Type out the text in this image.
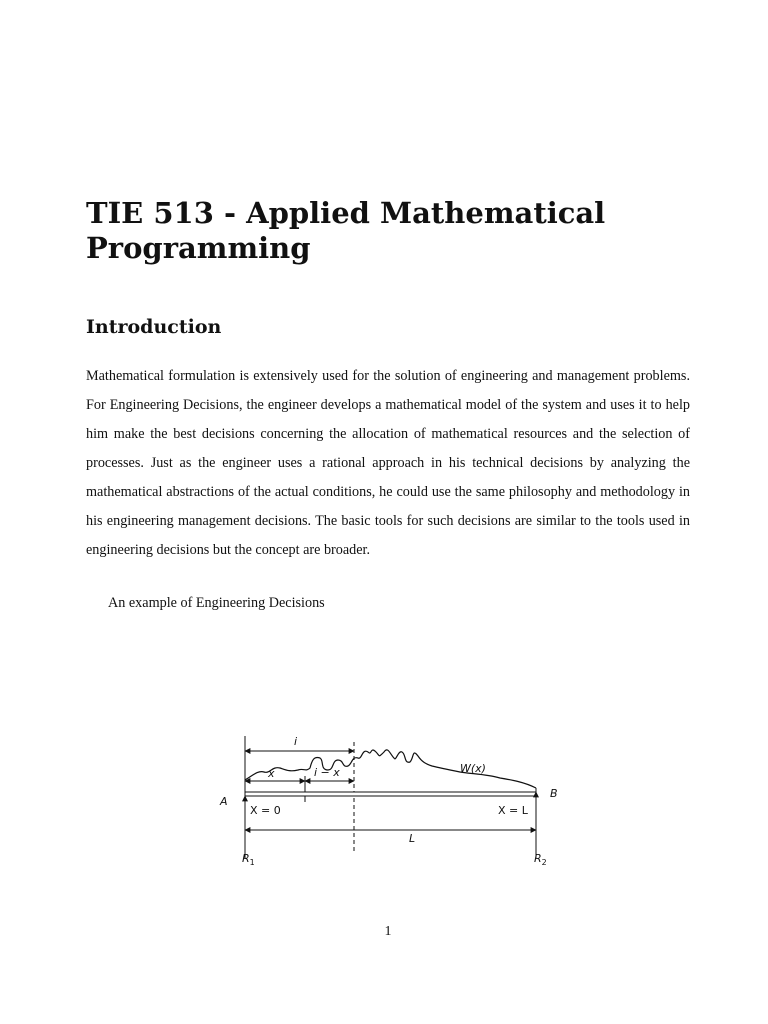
TIE 513 - Applied Mathematical Programming
Introduction

Mathematical formulation is extensively used for the solution of engineering and management problems. For Engineering Decisions, the engineer develops a mathematical model of the system and uses it to help him make the best decisions concerning the allocation of mathematical resources and the selection of processes. Just as the engineer uses a rational approach in his technical decisions by analyzing the mathematical abstractions of the actual conditions, he could use the same philosophy and methodology in his engineering management decisions. The basic tools for such decisions are similar to the tools used in engineering decisions but the concept are broader.

An example of Engineering Decisions

i
W(x)
x	i − x
A
B
X = 0	X = L
L
$R_1$	$R_2$
1
